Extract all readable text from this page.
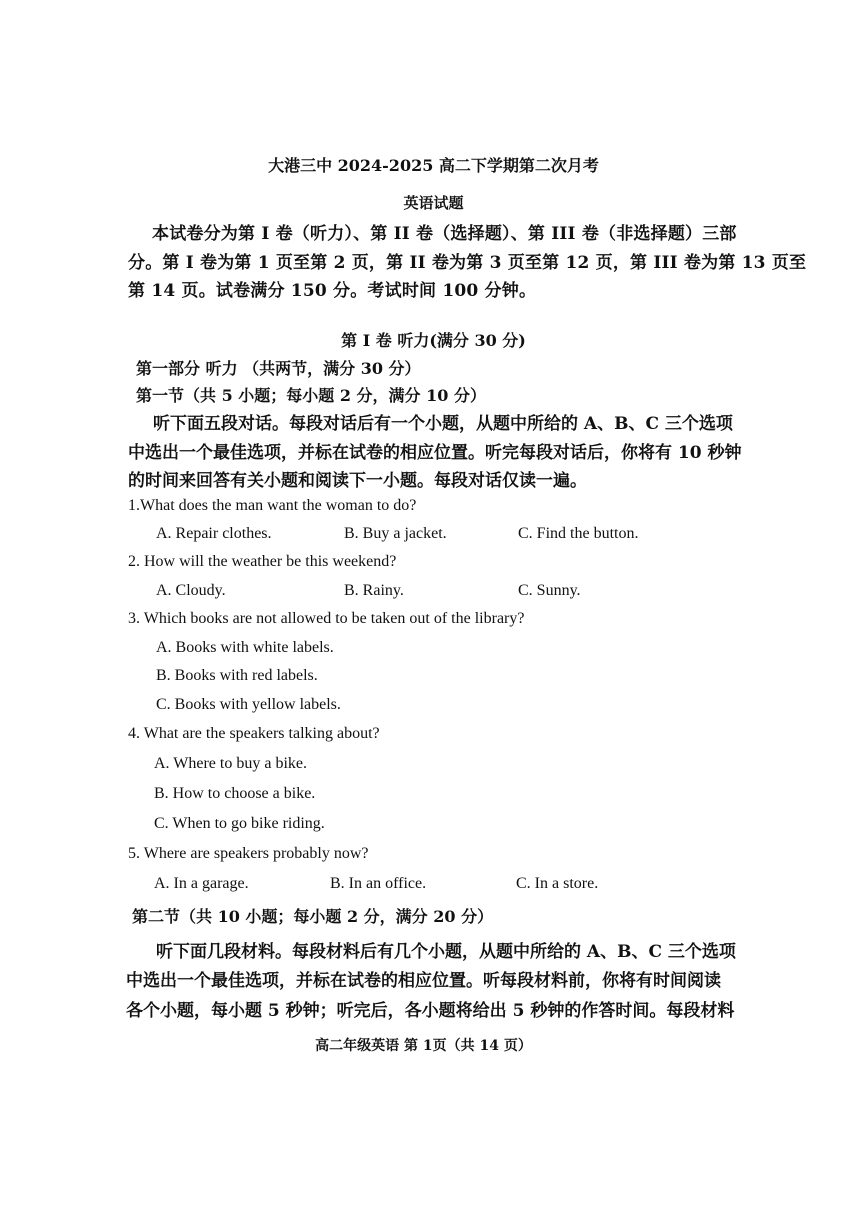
大港三中 2024-2025 高二下学期第二次月考
英语试题
本试卷分为第 I 卷（听力）、第 II 卷（选择题）、第 III 卷（非选择题）三部
分。第 I 卷为第 1 页至第 2 页，第 II 卷为第 3 页至第 12 页，第 III 卷为第 13 页至
第 14 页。试卷满分 150 分。考试时间 100 分钟。
第 I 卷 听力(满分 30 分)
第一部分 听力 （共两节，满分 30 分）
第一节（共 5 小题；每小题 2 分，满分 10 分）
听下面五段对话。每段对话后有一个小题，从题中所给的 A、B、C 三个选项
中选出一个最佳选项，并标在试卷的相应位置。听完每段对话后，你将有 10 秒钟
的时间来回答有关小题和阅读下一小题。每段对话仅读一遍。
1.What does the man want the woman to do?
A. Repair clothes.	B. Buy a jacket.	C. Find the button.
2. How will the weather be this weekend?
A. Cloudy.	B. Rainy.	C. Sunny.
3. Which books are not allowed to be taken out of the library?
A. Books with white labels.
B. Books with red labels.
C. Books with yellow labels.
4. What are the speakers talking about?
A. Where to buy a bike.
B. How to choose a bike.
C. When to go bike riding.
5. Where are speakers probably now?
A. In a garage.	B. In an office.	C. In a store.
第二节（共 10 小题；每小题 2 分，满分 20 分）
听下面几段材料。每段材料后有几个小题，从题中所给的 A、B、C 三个选项
中选出一个最佳选项，并标在试卷的相应位置。听每段材料前，你将有时间阅读
各个小题，每小题 5 秒钟；听完后，各小题将给出 5 秒钟的作答时间。每段材料
高二年级英语 第 1页（共 14 页）
